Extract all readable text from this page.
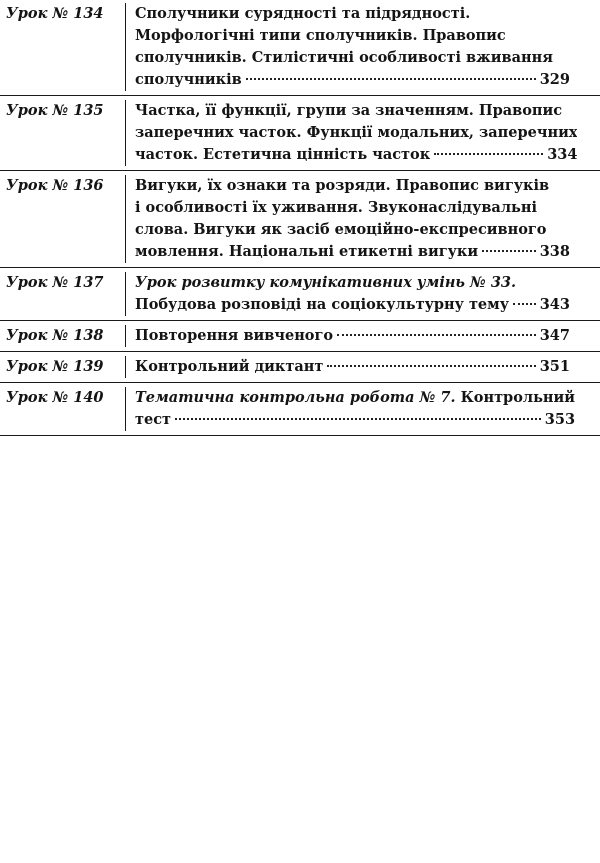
Урок № 134	Сполучники сурядності та підрядності.
Морфологічні типи сполучників. Правопис
сполучників. Стилістичні особливості вживання
сполучників	329
Урок № 135	Частка, її функції, групи за значенням. Правопис
заперечних часток. Функції модальних, заперечних
часток. Естетична цінність часток	334
Урок № 136	Вигуки, їх ознаки та розряди. Правопис вигуків
і особливості їх уживання. Звуконаслідувальні
слова. Вигуки як засіб емоційно-експресивного
мовлення. Національні етикетні вигуки	338
Урок № 137	Урок розвитку комунікативних умінь № 33.
Побудова розповіді на соціокультурну тему 343
Урок № 138	Повторення вивченого	347
Урок № 139	Контрольний диктант	351
Урок № 140	Тематична контрольна робота № 7. Контрольний
тест	353
